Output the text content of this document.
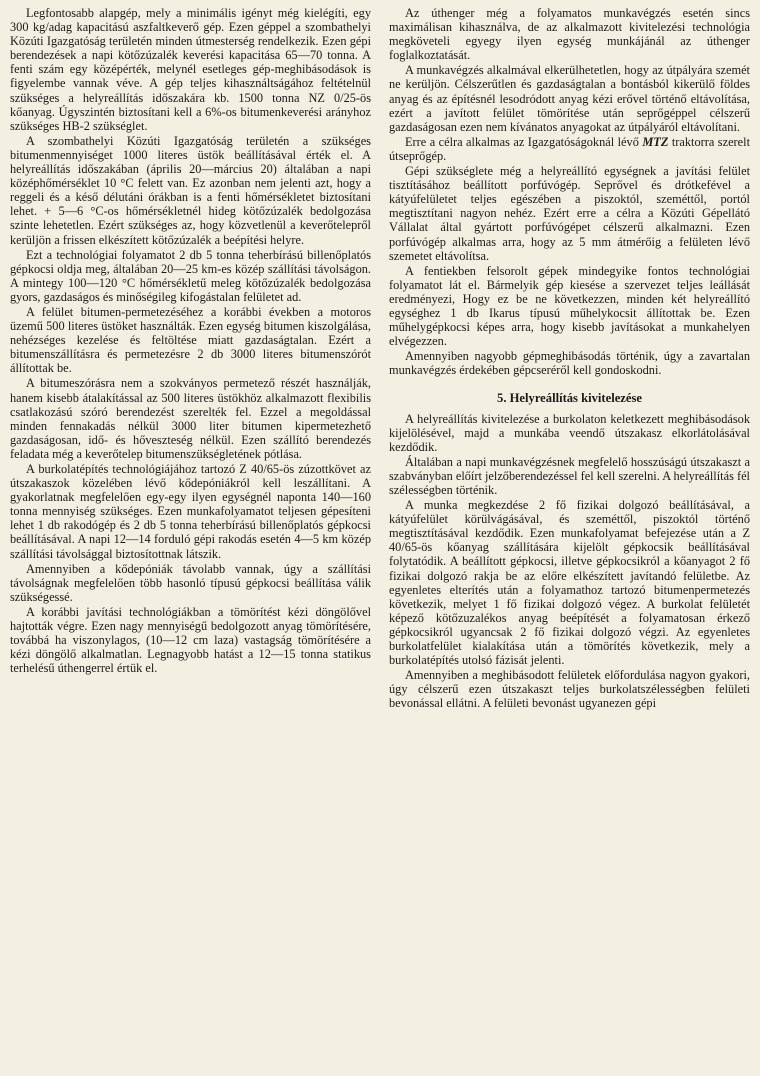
Legfontosabb alapgép, mely a minimális igényt még kielégíti, egy 300 kg/adag kapacitású aszfaltkeverő gép. Ezen géppel a szombathelyi Közúti Igazgatóság területén minden útmesterség rendelkezik. Ezen gépi berendezések a napi kötőzúzalék keverési kapacitása 65—70 tonna. A fenti szám egy középérték, melynél esetleges gép-meghibásodások is figyelembe vannak véve. A gép teljes kihasználtságához feltételnül szükséges a helyreállítás időszakára kb. 1500 tonna NZ 0/25-ös kőanyag. Úgyszintén biztosítani kell a 6%-os bitumenkeverési arányhoz szükséges HB-2 szükséglet.

A szombathelyi Közúti Igazgatóság területén a szükséges bitumenmennyiséget 1000 literes üstök beállításával érték el. A helyreállítás időszakában (április 20—március 20) általában a napi középhőmérséklet 10 °C felett van. Ez azonban nem jelenti azt, hogy a reggeli és a késő délutáni órákban is a fenti hőmérsékletet biztosítani lehet. + 5—6 °C-os hőmérsékletnél hideg kötőzúzalék bedolgozása szinte lehetetlen. Ezért szükséges az, hogy közvetlenül a keverőtelepről kerüljön a frissen elkészített kötőzúzalék a beépítési helyre.

Ezt a technológiai folyamatot 2 db 5 tonna teherbírású billenőplatós gépkocsi oldja meg, általában 20—25 km-es közép szállítási távolságon. A mintegy 100—120 °C hőmérsékletű meleg kötőzúzalék bedolgozása gyors, gazdaságos és minőségileg kifogástalan felületet ad.

A felület bitumen-permetezéséhez a korábbi években a motoros üzemű 500 literes üstöket használták. Ezen egység bitumen kiszolgálása, nehézséges kezelése és feltöltése miatt gazdaságtalan. Ezért a bitumenszállításra és permetezésre 2 db 3000 literes bitumenszórót állítottak be.

A bitumeszórásra nem a szokványos permetező részét használják, hanem kisebb átalakítással az 500 literes üstökhöz alkalmazott flexibilis csatlakozású szóró berendezést szerelték fel. Ezzel a megoldással minden fennakadás nélkül 3000 liter bitumen kipermetezhető gazdaságosan, idő- és hőveszteség nélkül. Ezen szállító berendezés feladata még a keverőtelep bitumenszükségletének pótlása.

A burkolatépítés technológiájához tartozó Z 40/65-ös zúzottkövet az útszakaszok közelében lévő kődepóniákról kell leszállítani. A gyakorlatnak megfelelően egy-egy ilyen egységnél naponta 140—160 tonna mennyiség szükséges. Ezen munkafolyamatot teljesen gépesíteni lehet 1 db rakodógép és 2 db 5 tonna teherbírású billenőplatós gépkocsi beállításával. A napi 12—14 forduló gépi rakodás esetén 4—5 km közép szállítási távolsággal biztosítottnak látszik.

Amennyiben a kődepóniák távolabb vannak, úgy a szállítási távolságnak megfelelően több hasonló típusú gépkocsi beállítása válik szükségessé.

A korábbi javítási technológiákban a tömörítést kézi döngölővel hajtották végre. Ezen nagy mennyiségű bedolgozott anyag tömörítésére, továbbá ha viszonylagos, (10—12 cm laza) vastagság tömörítésére a kézi döngölő alkalmatlan. Legnagyobb hatást a 12—15 tonna statikus terhelésű úthengerrel értük el.

Az úthenger még a folyamatos munkavégzés esetén sincs maximálisan kihasználva, de az alkalmazott kivitelezési technológia megköveteli egyegy ilyen egység munkájánál az úthenger foglalkoztatását.

A munkavégzés alkalmával elkerülhetetlen, hogy az útpályára szemét ne kerüljön. Célszerűtlen és gazdaságtalan a bontásból kikerülő földes anyag és az építésnél lesodródott anyag kézi erővel történő eltávolítása, ezért a javított felület tömörítése után seprőgéppel célszerű gazdaságosan ezen nem kívánatos anyagokat az útpályáról eltávolítani.

Erre a célra alkalmas az Igazgatóságoknál lévő MTZ traktorra szerelt útseprőgép.

Gépi szükséglete még a helyreállító egységnek a javítási felület tisztításához beállított porfúvógép. Seprővel és drótkefével a kátyúfelületet teljes egészében a piszoktól, szeméttől, portól megtisztítani nagyon nehéz. Ezért erre a célra a Közúti Gépellátó Vállalat által gyártott porfúvógépet célszerű alkalmazni. Ezen porfúvógép alkalmas arra, hogy az 5 mm átmérőig a felületen lévő szemetet eltávolítsa.

A fentiekben felsorolt gépek mindegyike fontos technológiai folyamatot lát el. Bármelyik gép kiesése a szervezet teljes leállását eredményezi, Hogy ez be ne következzen, minden két helyreállító egységhez 1 db Ikarus típusú műhelykocsit állítottak be. Ezen műhelygépkocsi képes arra, hogy kisebb javításokat a munkahelyen elvégezzen.

Amennyiben nagyobb gépmeghibásodás történik, úgy a zavartalan munkavégzés érdekében gépcseréről kell gondoskodni.

5. Helyreállítás kivitelezése

A helyreállítás kivitelezése a burkolaton keletkezett meghibásodások kijelölésével, majd a munkába veendő útszakasz elkorlátolásával kezdődik.

Általában a napi munkavégzésnek megfelelő hosszúságú útszakaszt a szabványban előírt jelzőberendezéssel fel kell szerelni. A helyreállítás fél szélességben történik.

A munka megkezdése 2 fő fizikai dolgozó beállításával, a kátyúfelület körülvágásával, és szeméttől, piszoktól történő megtisztításával kezdődik. Ezen munkafolyamat befejezése után a Z 40/65-ös kőanyag szállítására kijelölt gépkocsik beállításával folytatódik. A beállított gépkocsi, illetve gépkocsikról a kőanyagot 2 fő fizikai dolgozó rakja be az előre elkészített javítandó felületbe. Az egyenletes elterítés után a folyamathoz tartozó bitumenpermetezés következik, melyet 1 fő fizikai dolgozó végez. A burkolat felületét képező kötőzuzalékos anyag beépítését a folyamatosan érkező gépkocsikról ugyancsak 2 fő fizikai dolgozó végzi. Az egyenletes burkolatfelület kialakítása után a tömörítés következik, mely a burkolatépítés utolsó fázisát jelenti.

Amennyiben a meghibásodott felületek előfordulása nagyon gyakori, úgy célszerű ezen útszakaszt teljes burkolatszélességben felületi bevonással ellátni. A felületi bevonást ugyanezen gépi
